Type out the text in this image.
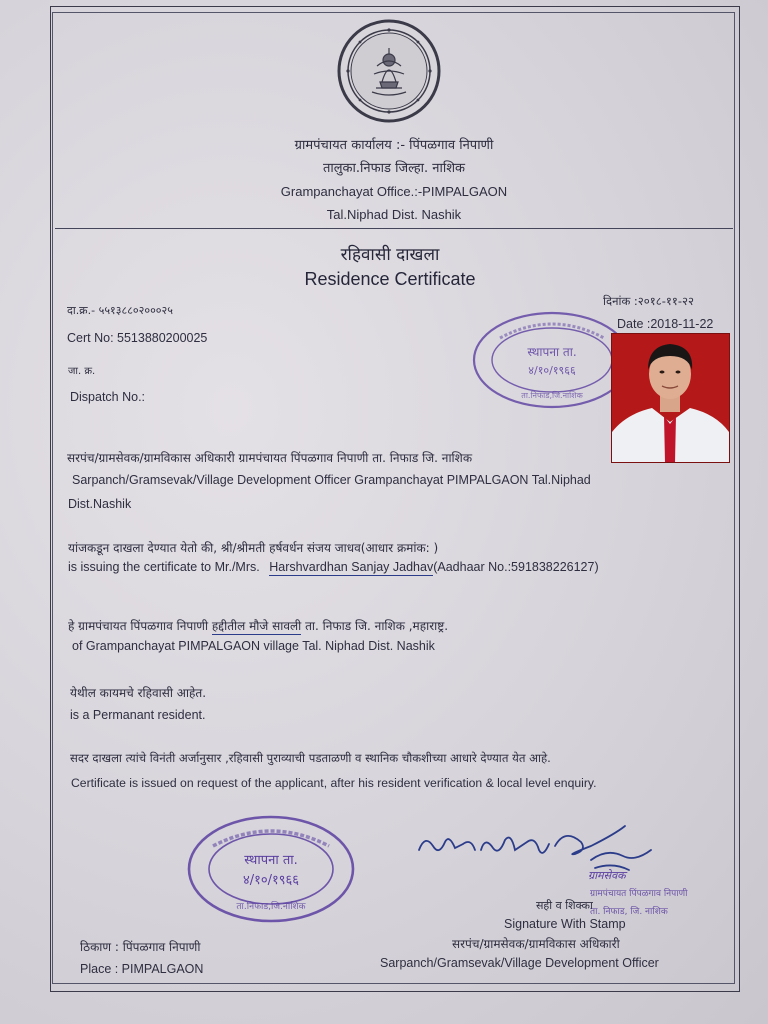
ग्रामपंचायत कार्यालय :- पिंपळगाव निपाणी
तालुका.निफाड जिल्हा. नाशिक
Grampanchayat Office.:-PIMPALGAON
Tal.Niphad Dist. Nashik
रहिवासी दाखला
Residence Certificate
दा.क्र.- ५५१३८८०२०००२५
Cert No: 5513880200025
जा. क्र.
Dispatch No.:
दिनांक :२०१८-११-२२
Date :2018-11-22
स्थापना ता.
४/१०/१९६६
ता.निफाड,जि.नाशिक
सरपंच/ग्रामसेवक/ग्रामविकास अधिकारी ग्रामपंचायत पिंपळगाव निपाणी ता. निफाड जि. नाशिक
Sarpanch/Gramsevak/Village Development Officer Grampanchayat PIMPALGAON Tal.Niphad
Dist.Nashik
यांजकडून दाखला देण्यात येतो की, श्री/श्रीमती हर्षवर्धन संजय जाधव(आधार क्रमांक: )
is issuing the certificate to Mr./Mrs. Harshvardhan Sanjay Jadhav(Aadhaar No.:591838226127)
हे ग्रामपंचायत पिंपळगाव निपाणी हद्दीतील मौजे सावली ता. निफाड जि. नाशिक ,महाराष्ट्र.
of Grampanchayat PIMPALGAON village Tal. Niphad Dist. Nashik
येथील कायमचे रहिवासी आहेत.
is a Permanant resident.
सदर दाखला त्यांचे विनंती अर्जानुसार ,रहिवासी पुराव्याची पडताळणी व स्थानिक चौकशीच्या आधारे देण्यात येत आहे.
Certificate is issued on request of the applicant, after his resident verification & local level enquiry.
स्थापना ता.
४/१०/१९६६
ता.निफाड,जि.नाशिक
ग्रामसेवक
ग्रामपंचायत पिंपळगाव निपाणी
ता. निफाड, जि. नाशिक
सही व शिक्का
Signature With Stamp
सरपंच/ग्रामसेवक/ग्रामविकास अधिकारी
Sarpanch/Gramsevak/Village Development Officer
ठिकाण : पिंपळगाव निपाणी
Place : PIMPALGAON
